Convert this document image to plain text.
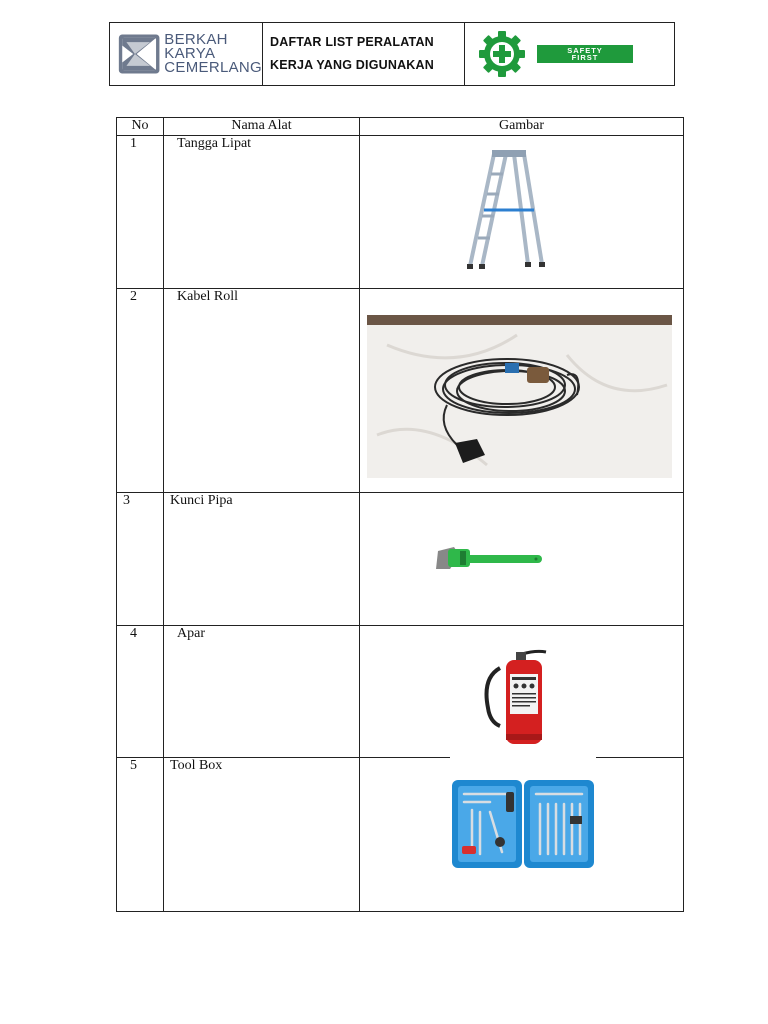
BERKAH
KARYA
CEMERLANG
DAFTAR LIST PERALATAN
KERJA YANG DIGUNAKAN
SAFETY
FIRST
No	Nama Alat	Gambar

1	Tangga Lipat

2	Kabel Roll

3	Kunci Pipa

4	Apar

5	Tool Box
